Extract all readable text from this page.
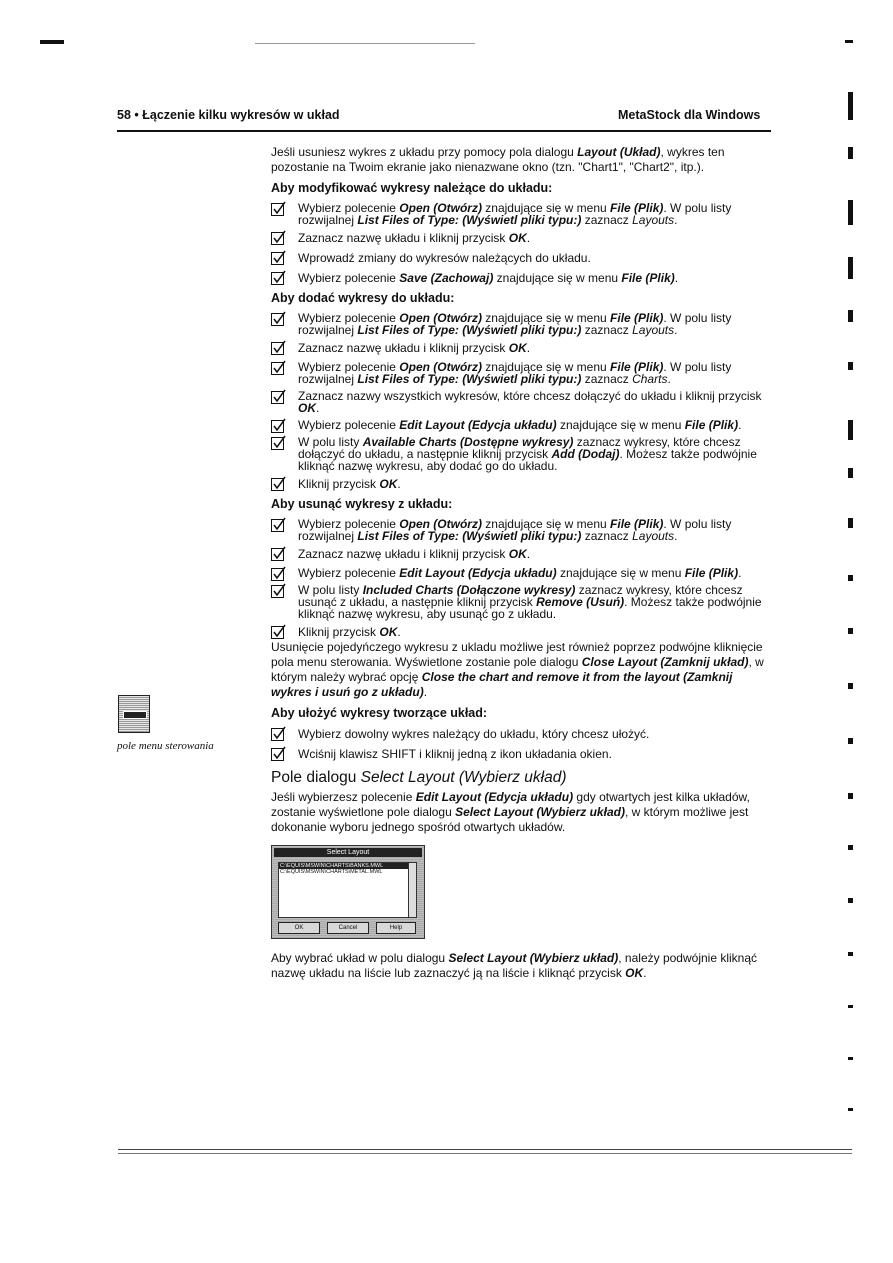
58 • Łączenie kilku wykresów w układ	MetaStock dla Windows
pole menu sterowania

Jeśli usuniesz wykres z układu przy pomocy pola dialogu Layout (Układ), wykres ten pozostanie na Twoim ekranie jako nienazwane okno (tzn. "Chart1", "Chart2", itp.).

Aby modyfikować wykresy należące do układu:
Wybierz polecenie Open (Otwórz) znajdujące się w menu File (Plik). W polu listy rozwijalnej List Files of Type: (Wyświetl pliki typu:) zaznacz Layouts.
Zaznacz nazwę układu i kliknij przycisk OK.
Wprowadź zmiany do wykresów należących do układu.
Wybierz polecenie Save (Zachowaj) znajdujące się w menu File (Plik).
Aby dodać wykresy do układu:
Wybierz polecenie Open (Otwórz) znajdujące się w menu File (Plik). W polu listy rozwijalnej List Files of Type: (Wyświetl pliki typu:) zaznacz Layouts.
Zaznacz nazwę układu i kliknij przycisk OK.
Wybierz polecenie Open (Otwórz) znajdujące się w menu File (Plik). W polu listy rozwijalnej List Files of Type: (Wyświetl pliki typu:) zaznacz Charts.
Zaznacz nazwy wszystkich wykresów, które chcesz dołączyć do układu i kliknij przycisk OK.
Wybierz polecenie Edit Layout (Edycja układu) znajdujące się w menu File (Plik).
W polu listy Available Charts (Dostępne wykresy) zaznacz wykresy, które chcesz dołączyć do układu, a następnie kliknij przycisk Add (Dodaj). Możesz także podwójnie kliknąć nazwę wykresu, aby dodać go do układu.
Kliknij przycisk OK.
Aby usunąć wykresy z układu:
Wybierz polecenie Open (Otwórz) znajdujące się w menu File (Plik). W polu listy rozwijalnej List Files of Type: (Wyświetl pliki typu:) zaznacz Layouts.
Zaznacz nazwę układu i kliknij przycisk OK.
Wybierz polecenie Edit Layout (Edycja układu) znajdujące się w menu File (Plik).
W polu listy Included Charts (Dołączone wykresy) zaznacz wykresy, które chcesz usunąć z układu, a następnie kliknij przycisk Remove (Usuń). Możesz także podwójnie kliknąć nazwę wykresu, aby usunąć go z układu.
Kliknij przycisk OK.

Usunięcie pojedyńczego wykresu z ukladu możliwe jest również poprzez podwójne kliknięcie pola menu sterowania. Wyświetlone zostanie pole dialogu Close Layout (Zamknij układ), w którym należy wybrać opcję Close the chart and remove it from the layout (Zamknij wykres i usuń go z układu).

Aby ułożyć wykresy tworzące układ:
Wybierz dowolny wykres należący do układu, który chcesz ułożyć.
Wciśnij klawisz SHIFT i kliknij jedną z ikon układania okien.
Pole dialogu Select Layout (Wybierz układ)

Jeśli wybierzesz polecenie Edit Layout (Edycja układu) gdy otwartych jest kilka układów, zostanie wyświetlone pole dialogu Select Layout (Wybierz układ), w którym możliwe jest dokonanie wyboru jednego spośród otwartych układów.

Select Layout
C:\EQUIS\MSWIN\CHARTS\BANKS.MWL
C:\EQUIS\MSWIN\CHARTS\METAL.MWL
OK	Cancel	Help

Aby wybrać układ w polu dialogu Select Layout (Wybierz układ), należy podwójnie kliknąć nazwę układu na liście lub zaznaczyć ją na liście i kliknąć przycisk OK.
